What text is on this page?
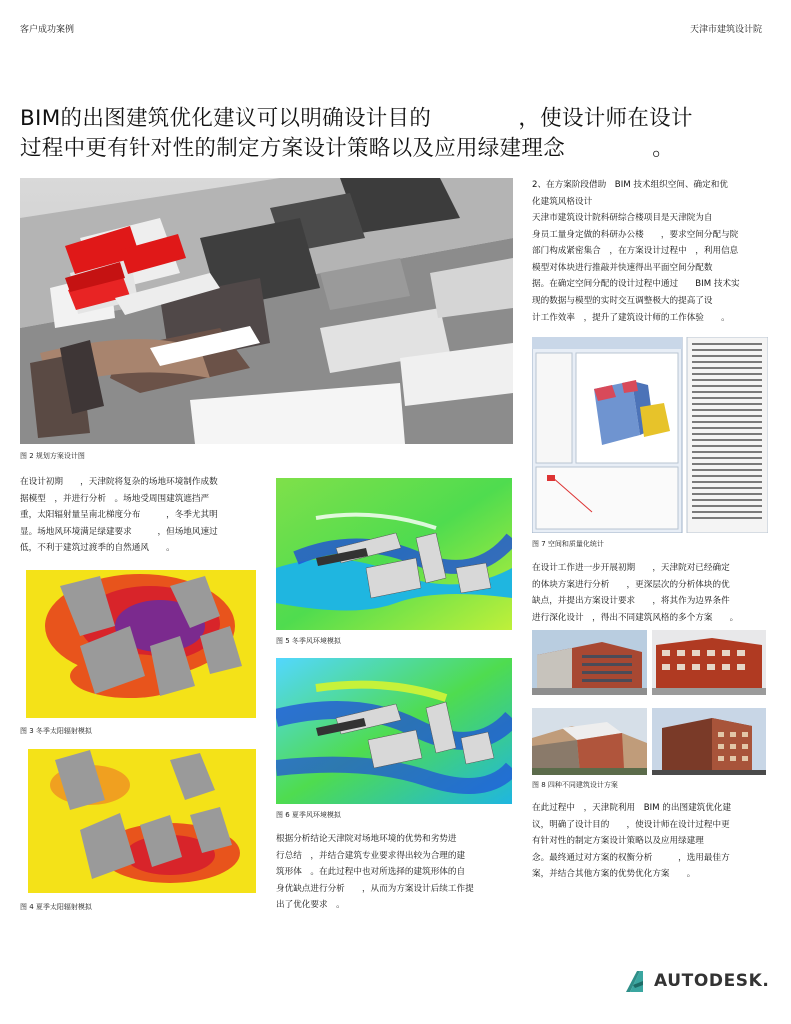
客户成功案例	天津市建筑设计院
BIM的出图建筑优化建议可以明确设计目的　　　　，使设计师在设计
过程中更有针对性的制定方案设计策略以及应用绿建理念　　　　。
图 2 规划方案设计图
2、在方案阶段借助　BIM 技术组织空间、确定和优
化建筑风格设计
天津市建筑设计院科研综合楼项目是天津院为自
身员工量身定做的科研办公楼　　，要求空间分配与院
部门构成紧密集合　，在方案设计过程中　，利用信息
模型对体块进行推敲并快速得出平面空间分配数
据。在确定空间分配的设计过程中通过　　BIM 技术实
现的数据与模型的实时交互调整极大的提高了设
计工作效率　，提升了建筑设计师的工作体验　　。
图 7 空间和质量化统计
在设计初期　　，天津院将复杂的场地环境制作成数
据模型　，并进行分析　。场地受周围建筑遮挡严
重，太阳辐射量呈南北梯度分布　　　，冬季尤其明
显。场地风环境满足绿建要求　　　，但场地风速过
低，不利于建筑过渡季的自然通风　　。
图 3 冬季太阳辐射模拟
图 4 夏季太阳辐射模拟
图 5 冬季风环境模拟
图 6 夏季风环境模拟
根据分析结论天津院对场地环境的优势和劣势进
行总结　，并结合建筑专业要求得出较为合理的建
筑形体　。在此过程中也对所选择的建筑形体的自
身优缺点进行分析　　，从而为方案设计后续工作提
出了优化要求　。
在设计工作进一步开展初期　　，天津院对已经确定
的体块方案进行分析　　，更深层次的分析体块的优
缺点，并提出方案设计要求　　，将其作为边界条件
进行深化设计　，得出不同建筑风格的多个方案　　。
图 8 四种不同建筑设计方案
在此过程中　，天津院利用　BIM 的出图建筑优化建
议，明确了设计目的　　，使设计师在设计过程中更
有针对性的制定方案设计策略以及应用绿建理
念。最终通过对方案的权衡分析　　　，选用最佳方
案，并结合其他方案的优势优化方案　　。
AUTODESK.
